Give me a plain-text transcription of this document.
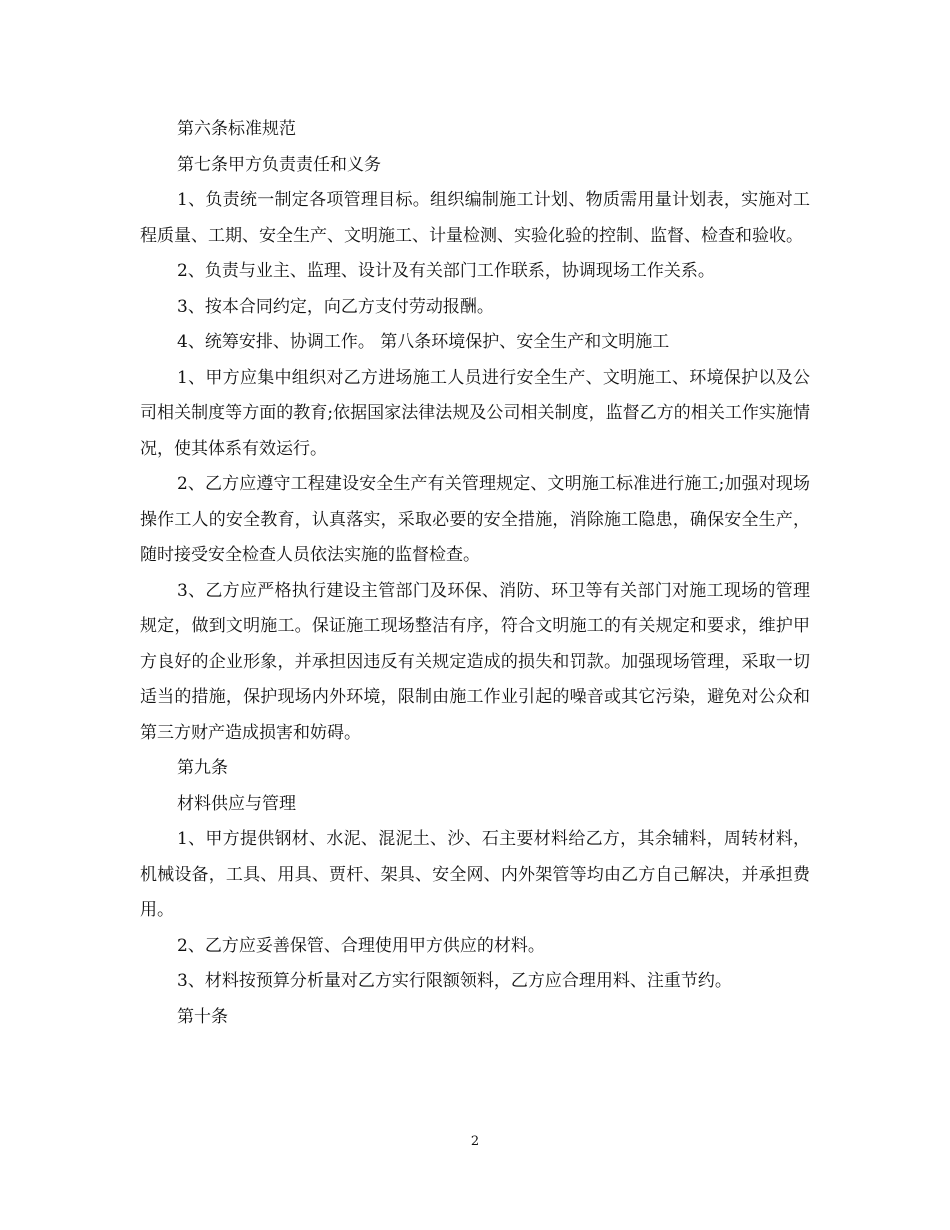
第六条标准规范

第七条甲方负责责任和义务

1、负责统一制定各项管理目标。组织编制施工计划、物质需用量计划表，实施对工程质量、工期、安全生产、文明施工、计量检测、实验化验的控制、监督、检查和验收。

2、负责与业主、监理、设计及有关部门工作联系，协调现场工作关系。

3、按本合同约定，向乙方支付劳动报酬。

4、统筹安排、协调工作。 第八条环境保护、安全生产和文明施工

1、甲方应集中组织对乙方进场施工人员进行安全生产、文明施工、环境保护以及公司相关制度等方面的教育;依据国家法律法规及公司相关制度，监督乙方的相关工作实施情况，使其体系有效运行。

2、乙方应遵守工程建设安全生产有关管理规定、文明施工标准进行施工;加强对现场操作工人的安全教育，认真落实，采取必要的安全措施，消除施工隐患，确保安全生产，随时接受安全检查人员依法实施的监督检查。

3、乙方应严格执行建设主管部门及环保、消防、环卫等有关部门对施工现场的管理规定，做到文明施工。保证施工现场整洁有序，符合文明施工的有关规定和要求，维护甲方良好的企业形象，并承担因违反有关规定造成的损失和罚款。加强现场管理，采取一切适当的措施，保护现场内外环境，限制由施工作业引起的噪音或其它污染，避免对公众和第三方财产造成损害和妨碍。

第九条

材料供应与管理

1、甲方提供钢材、水泥、混泥土、沙、石主要材料给乙方，其余辅料，周转材料，机械设备，工具、用具、贾杆、架具、安全网、内外架管等均由乙方自己解决，并承担费用。

2、乙方应妥善保管、合理使用甲方供应的材料。

3、材料按预算分析量对乙方实行限额领料，乙方应合理用料、注重节约。

第十条

2
